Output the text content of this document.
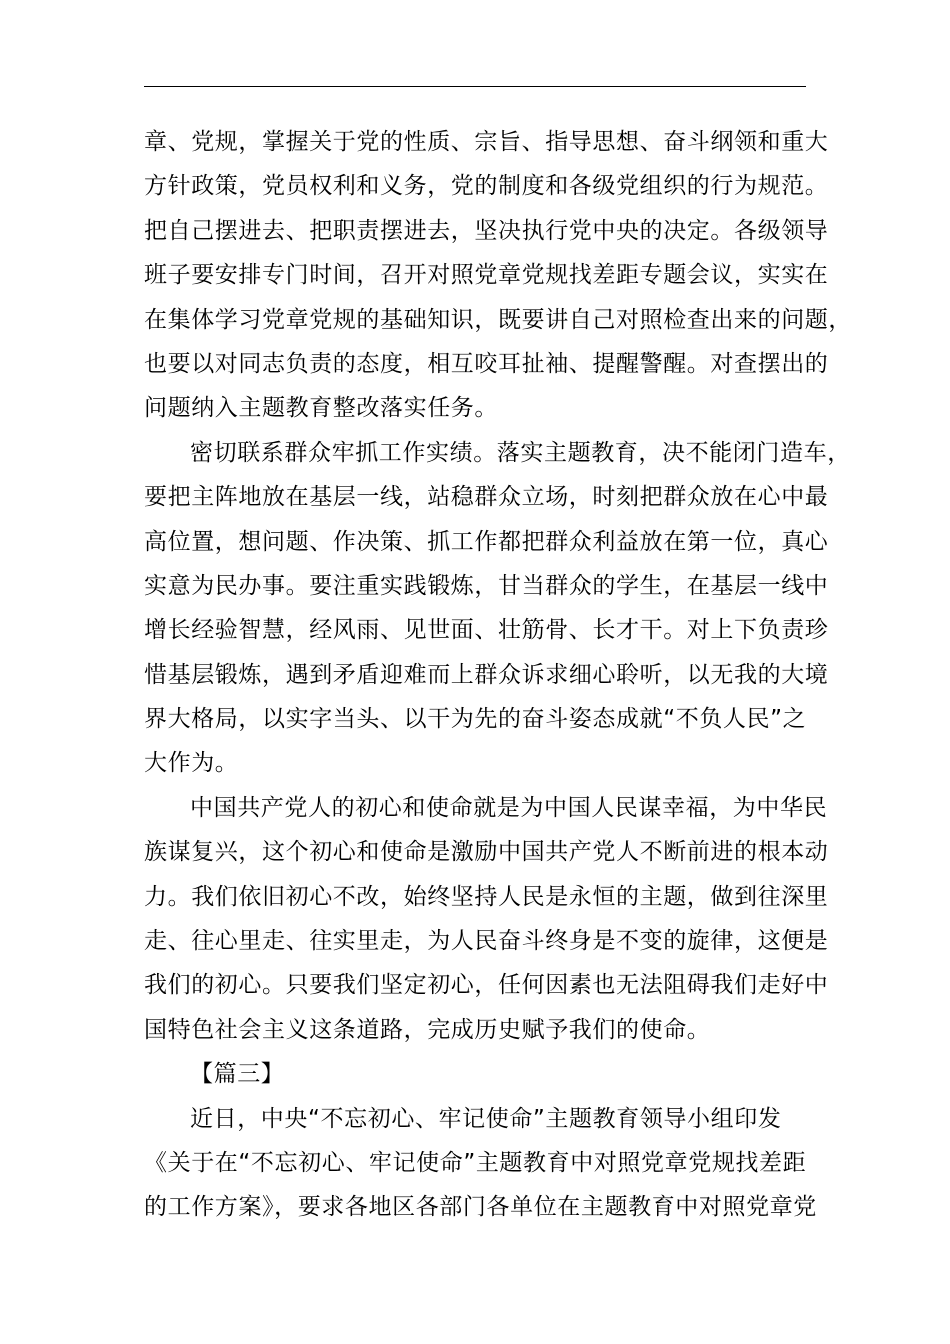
章、党规，掌握关于党的性质、宗旨、指导思想、奋斗纲领和重大
方针政策，党员权利和义务，党的制度和各级党组织的行为规范。
把自己摆进去、把职责摆进去，坚决执行党中央的决定。各级领导
班子要安排专门时间，召开对照党章党规找差距专题会议，实实在
在集体学习党章党规的基础知识，既要讲自己对照检查出来的问题，
也要以对同志负责的态度，相互咬耳扯袖、提醒警醒。对查摆出的
问题纳入主题教育整改落实任务。
密切联系群众牢抓工作实绩。落实主题教育，决不能闭门造车，
要把主阵地放在基层一线，站稳群众立场，时刻把群众放在心中最
高位置，想问题、作决策、抓工作都把群众利益放在第一位，真心
实意为民办事。要注重实践锻炼，甘当群众的学生，在基层一线中
增长经验智慧，经风雨、见世面、壮筋骨、长才干。对上下负责珍
惜基层锻炼，遇到矛盾迎难而上群众诉求细心聆听，以无我的大境
界大格局，以实字当头、以干为先的奋斗姿态成就“不负人民”之
大作为。
中国共产党人的初心和使命就是为中国人民谋幸福，为中华民
族谋复兴，这个初心和使命是激励中国共产党人不断前进的根本动
力。我们依旧初心不改，始终坚持人民是永恒的主题，做到往深里
走、往心里走、往实里走，为人民奋斗终身是不变的旋律，这便是
我们的初心。只要我们坚定初心，任何因素也无法阻碍我们走好中
国特色社会主义这条道路，完成历史赋予我们的使命。
【篇三】
近日，中央“不忘初心、牢记使命”主题教育领导小组印发
《关于在“不忘初心、牢记使命”主题教育中对照党章党规找差距
的工作方案》，要求各地区各部门各单位在主题教育中对照党章党
